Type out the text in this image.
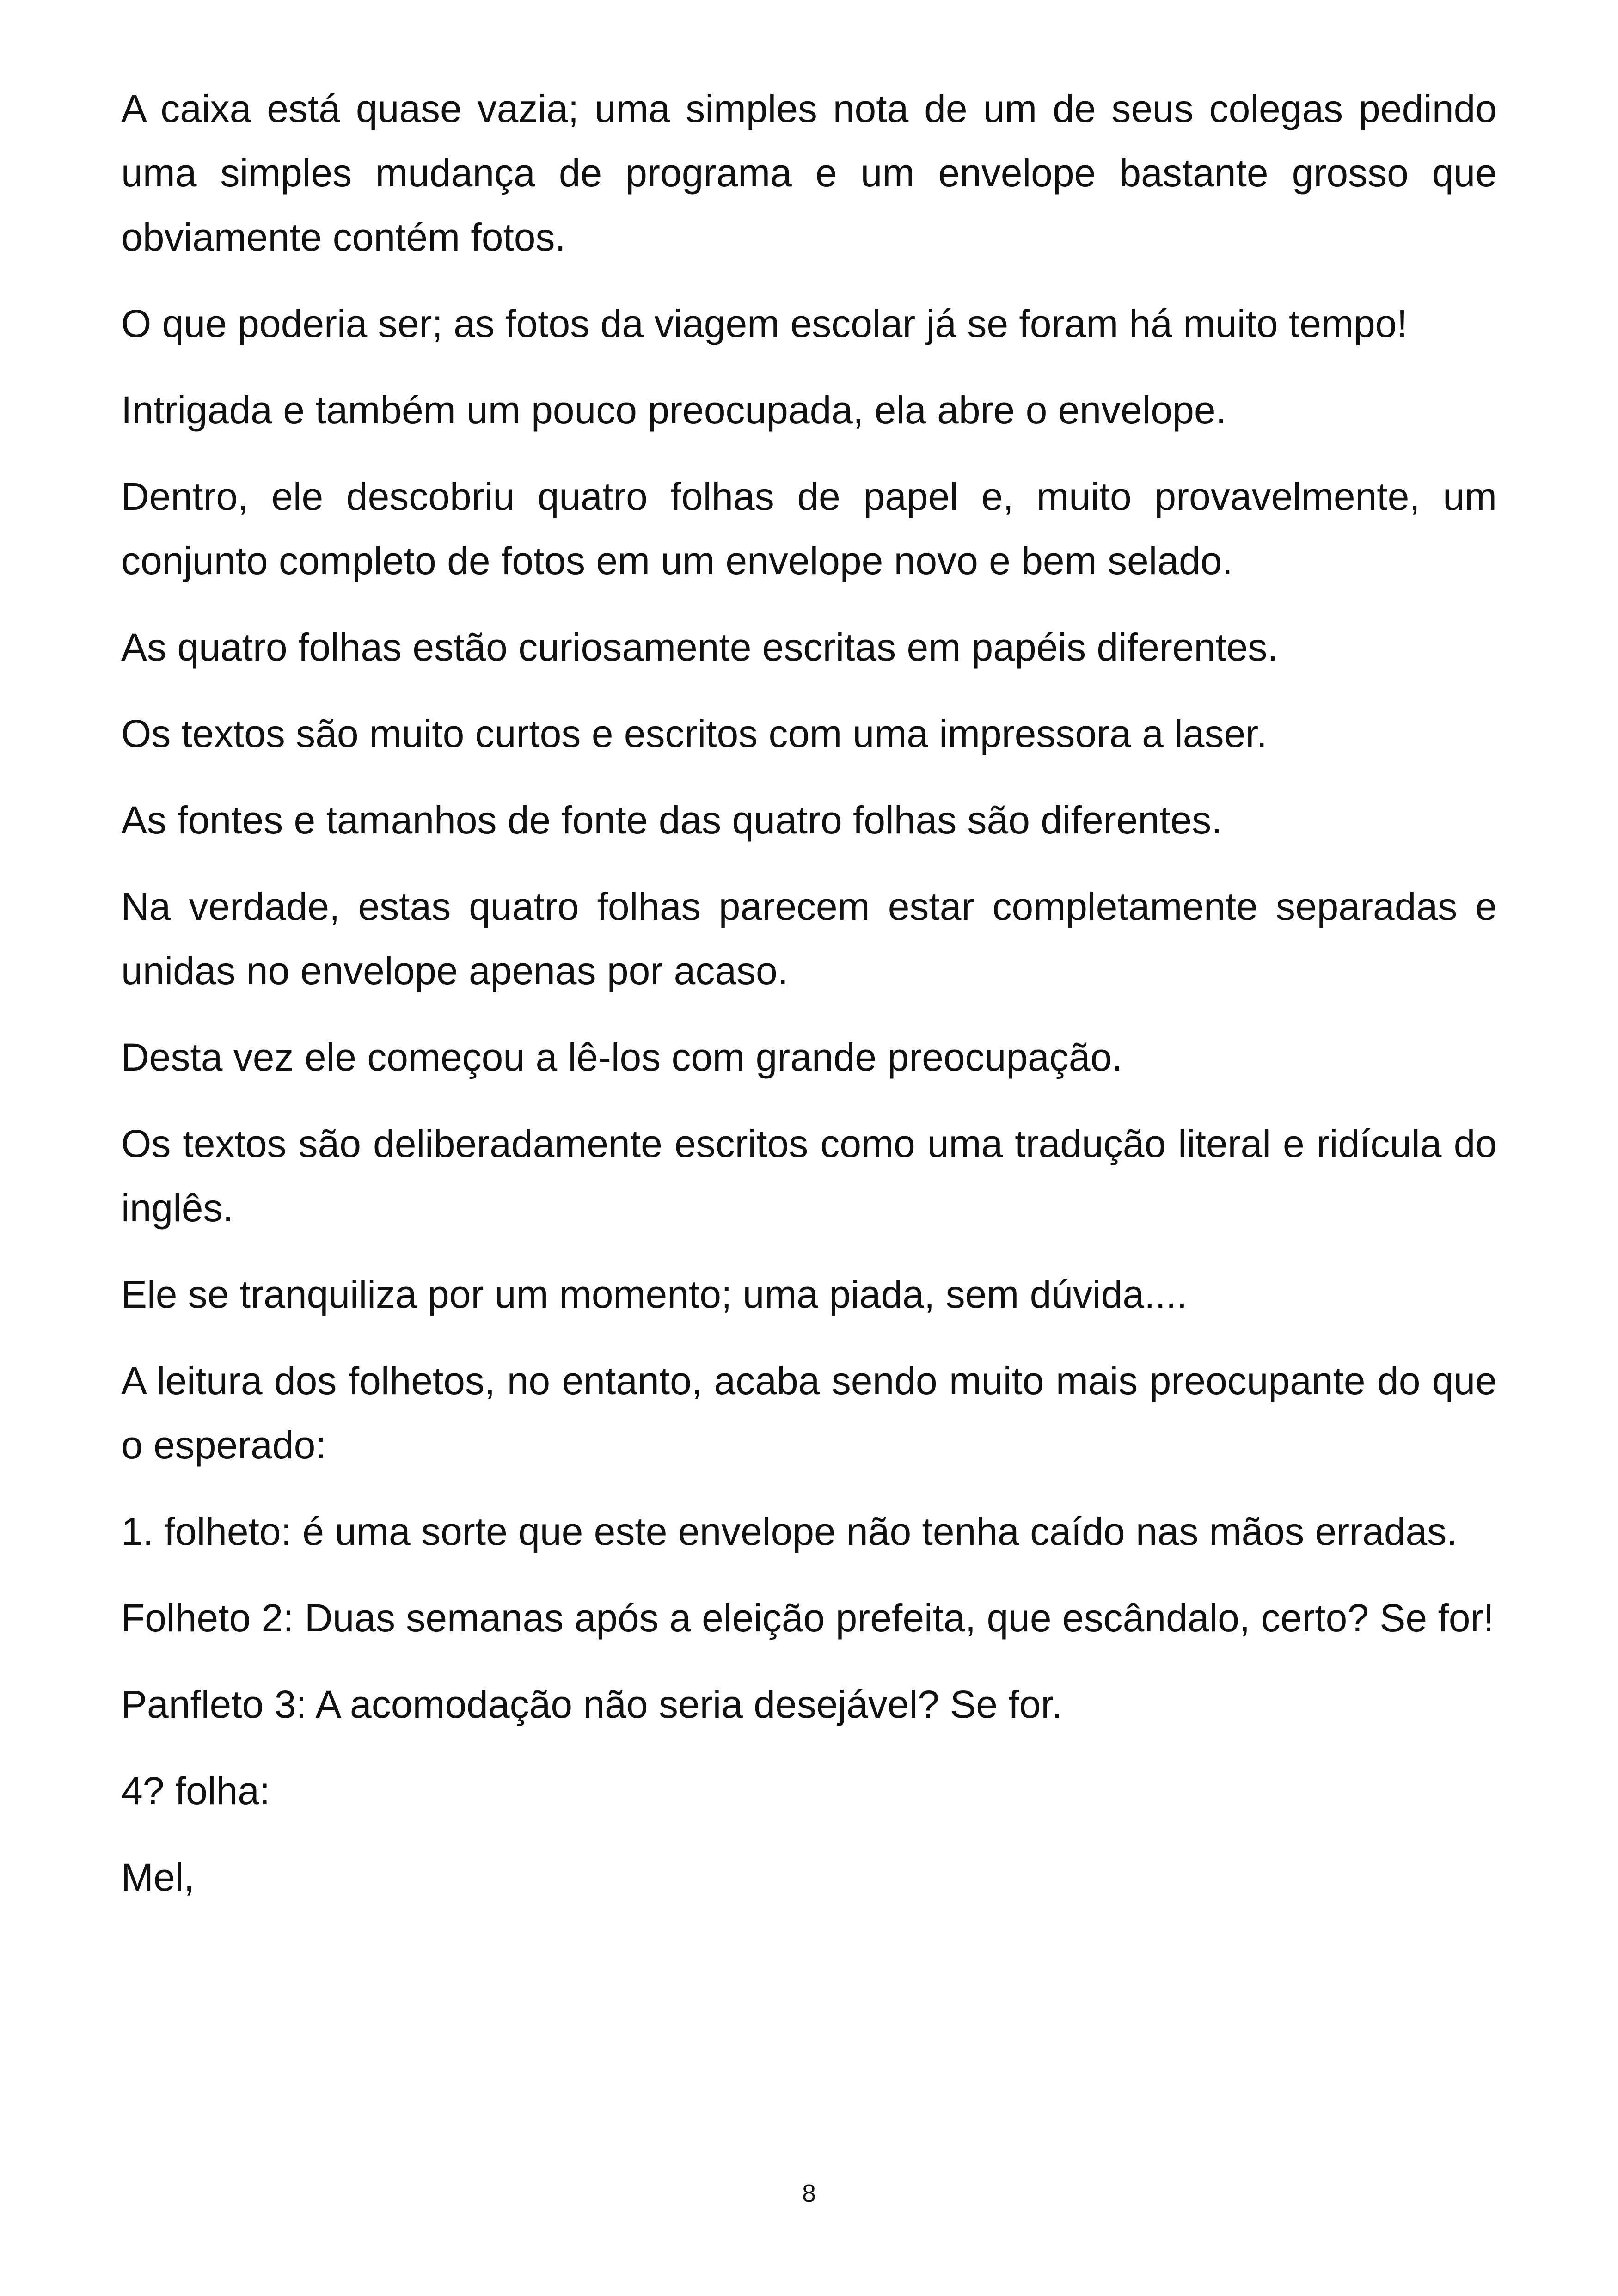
A caixa está quase vazia; uma simples nota de um de seus colegas pedindo uma simples mudança de programa e um envelope bastante grosso que obviamente contém fotos.

O que poderia ser; as fotos da viagem escolar já se foram há muito tempo!

Intrigada e também um pouco preocupada, ela abre o envelope.

Dentro, ele descobriu quatro folhas de papel e, muito provavelmente, um conjunto completo de fotos em um envelope novo e bem selado.

As quatro folhas estão curiosamente escritas em papéis diferentes.

Os textos são muito curtos e escritos com uma impressora a laser.

As fontes e tamanhos de fonte das quatro folhas são diferentes.

Na verdade, estas quatro folhas parecem estar completamente separadas e unidas no envelope apenas por acaso.

Desta vez ele começou a lê-los com grande preocupação.

Os textos são deliberadamente escritos como uma tradução literal e ridícula do inglês.

Ele se tranquiliza por um momento; uma piada, sem dúvida....

A leitura dos folhetos, no entanto, acaba sendo muito mais preocupante do que o esperado:

1. folheto: é uma sorte que este envelope não tenha caído nas mãos erradas.

Folheto 2: Duas semanas após a eleição prefeita, que escândalo, certo? Se for!

Panfleto 3: A acomodação não seria desejável? Se for.

4? folha:

Mel,

8
